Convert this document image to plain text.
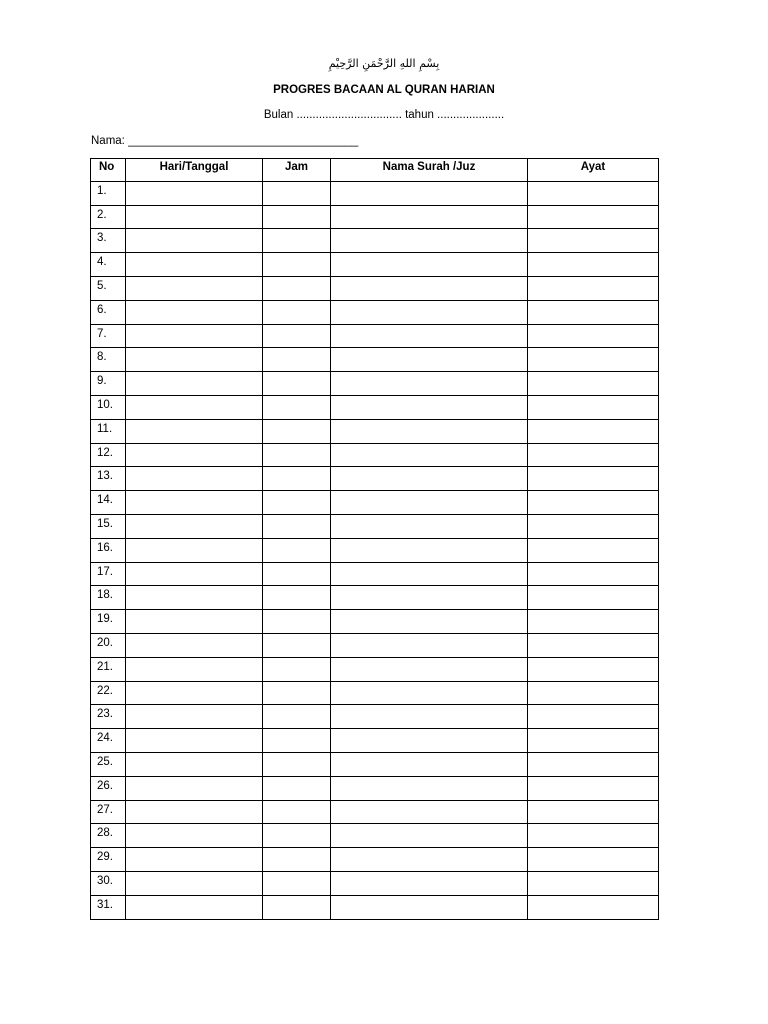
بِسْمِ اللهِ الرَّحْمَنِ الرَّحِيْمِ
PROGRES BACAAN AL QURAN HARIAN
Bulan ................................. tahun .....................
Nama: ____________________________________
No	Hari/Tanggal	Jam	Nama Surah /Juz	Ayat
1.				
2.				
3.				
4.				
5.				
6.				
7.				
8.				
9.				
10.				
11.				
12.				
13.				
14.				
15.				
16.				
17.				
18.				
19.				
20.				
21.				
22.				
23.				
24.				
25.				
26.				
27.				
28.				
29.				
30.				
31.				
